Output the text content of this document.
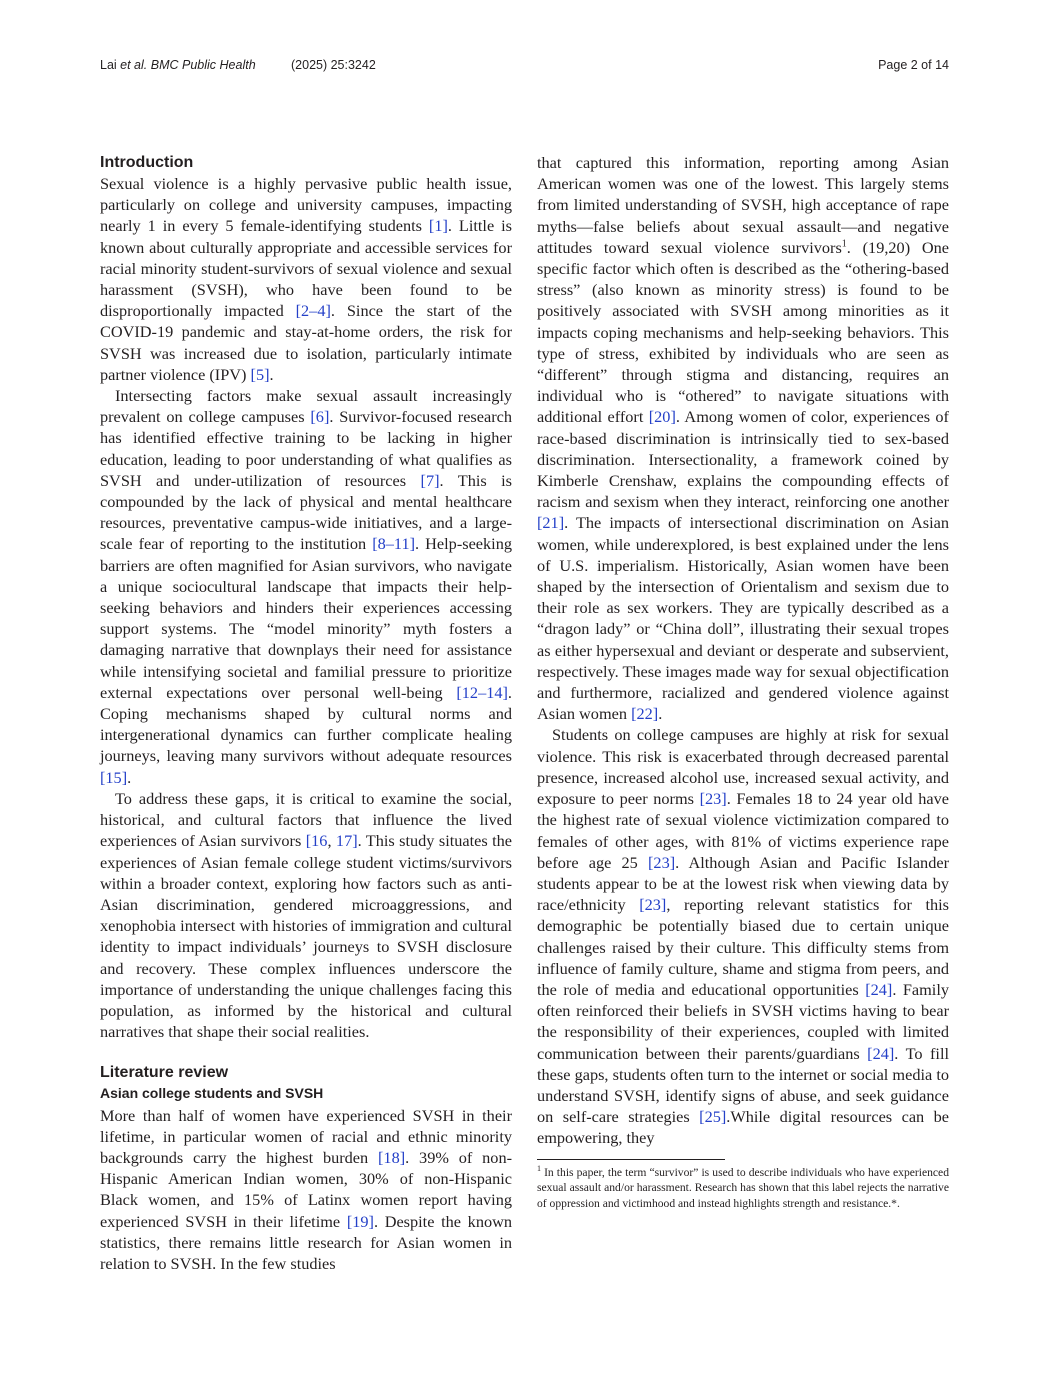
Lai et al. BMC Public Health	(2025) 25:3242	Page 2 of 14
Introduction

Sexual violence is a highly pervasive public health issue, particularly on college and university campuses, impacting nearly 1 in every 5 female-identifying students [1]. Little is known about culturally appropriate and accessible services for racial minority student-survivors of sexual violence and sexual harassment (SVSH), who have been found to be disproportionally impacted [2–4]. Since the start of the COVID-19 pandemic and stay-at-home orders, the risk for SVSH was increased due to isolation, particularly intimate partner violence (IPV) [5].

Intersecting factors make sexual assault increasingly prevalent on college campuses [6]. Survivor-focused research has identified effective training to be lacking in higher education, leading to poor understanding of what qualifies as SVSH and under-utilization of resources [7]. This is compounded by the lack of physical and mental healthcare resources, preventative campus-wide initiatives, and a large-scale fear of reporting to the institution [8–11]. Help-seeking barriers are often magnified for Asian survivors, who navigate a unique sociocultural landscape that impacts their help-seeking behaviors and hinders their experiences accessing support systems. The “model minority” myth fosters a damaging narrative that downplays their need for assistance while intensifying societal and familial pressure to prioritize external expectations over personal well-being [12–14]. Coping mechanisms shaped by cultural norms and intergenerational dynamics can further complicate healing journeys, leaving many survivors without adequate resources [15].

To address these gaps, it is critical to examine the social, historical, and cultural factors that influence the lived experiences of Asian survivors [16, 17]. This study situates the experiences of Asian female college student victims/survivors within a broader context, exploring how factors such as anti-Asian discrimination, gendered microaggressions, and xenophobia intersect with histories of immigration and cultural identity to impact individuals’ journeys to SVSH disclosure and recovery. These complex influences underscore the importance of understanding the unique challenges facing this population, as informed by the historical and cultural narratives that shape their social realities.

Literature review
Asian college students and SVSH

More than half of women have experienced SVSH in their lifetime, in particular women of racial and ethnic minority backgrounds carry the highest burden [18]. 39% of non-Hispanic American Indian women, 30% of non-Hispanic Black women, and 15% of Latinx women report having experienced SVSH in their lifetime [19]. Despite the known statistics, there remains little research for Asian women in relation to SVSH. In the few studies

that captured this information, reporting among Asian American women was one of the lowest. This largely stems from limited understanding of SVSH, high acceptance of rape myths—false beliefs about sexual assault—and negative attitudes toward sexual violence survivors$^1$. (19,20) One specific factor which often is described as the “othering-based stress” (also known as minority stress) is found to be positively associated with SVSH among minorities as it impacts coping mechanisms and help-seeking behaviors. This type of stress, exhibited by individuals who are seen as “different” through stigma and distancing, requires an individual who is “othered” to navigate situations with additional effort [20]. Among women of color, experiences of race-based discrimination is intrinsically tied to sex-based discrimination. Intersectionality, a framework coined by Kimberle Crenshaw, explains the compounding effects of racism and sexism when they interact, reinforcing one another [21]. The impacts of intersectional discrimination on Asian women, while underexplored, is best explained under the lens of U.S. imperialism. Historically, Asian women have been shaped by the intersection of Orientalism and sexism due to their role as sex workers. They are typically described as a “dragon lady” or “China doll”, illustrating their sexual tropes as either hypersexual and deviant or desperate and subservient, respectively. These images made way for sexual objectification and furthermore, racialized and gendered violence against Asian women [22].

Students on college campuses are highly at risk for sexual violence. This risk is exacerbated through decreased parental presence, increased alcohol use, increased sexual activity, and exposure to peer norms [23]. Females 18 to 24 year old have the highest rate of sexual violence victimization compared to females of other ages, with 81% of victims experience rape before age 25 [23]. Although Asian and Pacific Islander students appear to be at the lowest risk when viewing data by race/ethnicity [23], reporting relevant statistics for this demographic be potentially biased due to certain unique challenges raised by their culture. This difficulty stems from influence of family culture, shame and stigma from peers, and the role of media and educational opportunities [24]. Family often reinforced their beliefs in SVSH victims having to bear the responsibility of their experiences, coupled with limited communication between their parents/guardians [24]. To fill these gaps, students often turn to the internet or social media to understand SVSH, identify signs of abuse, and seek guidance on self-care strategies [25].While digital resources can be empowering, they

$^1$ In this paper, the term “survivor” is used to describe individuals who have experienced sexual assault and/or harassment. Research has shown that this label rejects the narrative of oppression and victimhood and instead highlights strength and resistance.*.
